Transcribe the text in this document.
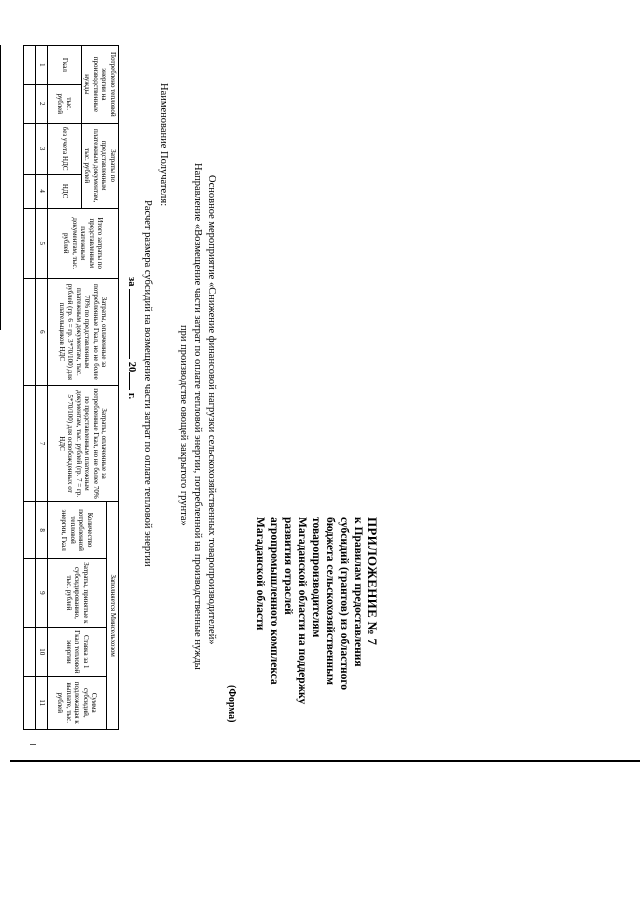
ПРИЛОЖЕНИЕ № 7
к Правилам предоставления
субсидий (грантов) из областного
бюджета сельскохозяйственным
товаропроизводителям
Магаданской области на поддержку
развития отраслей
агропромышленного комплекса
Магаданской области
(Форма)
Основное мероприятие «Снижение финансовой нагрузки сельскохозяйственных товаропроизводителей»
Направление «Возмещение части затрат по оплате тепловой энергии, потребленной на производственные нужды
при производстве овощей закрытого грунта»
Наименование Получателя:
Расчет размера субсидий на возмещение части затрат по оплате тепловой энергии
за  20 г.
Потреблено тепловой энергии на производственные нужды		Затраты по представленным платежным документам, тыс. рублей		Итого затраты по представленным платежным документам, тыс. рублей	Затраты, оплаченные за потребленные Гкал, но не более 70% по представленным платежным документам, тыс. рублей (гр. 6 = гр. 3*70/100) для плательщиков НДС	Затраты, оплаченные за потребленные Гкал, но не более 70% по представленным платежным документам, тыс. рублей (гр. 7 = гр. 5*70/100) для освобожденных от НДС	Заполняется Минсельхозом			
							Количество потребленной тепловой энергии, Гкал	Затраты, принятые к субсидированию, тыс. рублей	Ставка за 1 Гкал тепловой энергии	Сумма субсидий, подлежащая к выплате, тыс. рублей
Гкал	тыс. рублей	без учета НДС	НДС							
1	2	3	4	5	6	7	8	9	10	11
